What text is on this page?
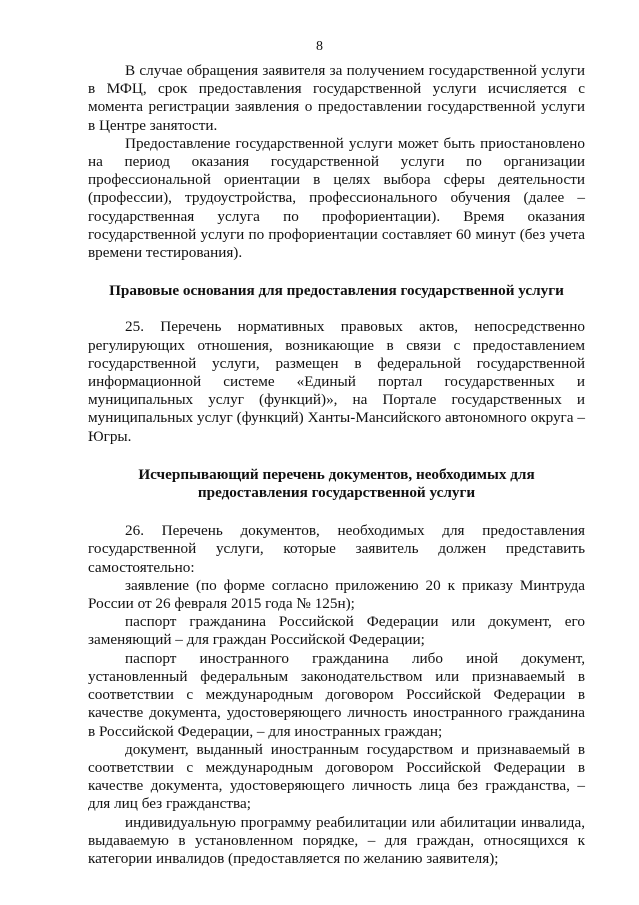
8

В случае обращения заявителя за получением государственной услуги в МФЦ, срок предоставления государственной услуги исчисляется с момента регистрации заявления о предоставлении государственной услуги в Центре занятости.

Предоставление государственной услуги может быть приостановлено на период оказания государственной услуги по организации профессиональной ориентации в целях выбора сферы деятельности (профессии), трудоустройства, профессионального обучения (далее – государственная услуга по профориентации). Время оказания государственной услуги по профориентации составляет 60 минут (без учета времени тестирования).

Правовые основания для предоставления государственной услуги

25. Перечень нормативных правовых актов, непосредственно регулирующих отношения, возникающие в связи с предоставлением государственной услуги, размещен в федеральной государственной информационной системе «Единый портал государственных и муниципальных услуг (функций)», на Портале государственных и муниципальных услуг (функций) Ханты-Мансийского автономного округа – Югры.

Исчерпывающий перечень документов, необходимых для
предоставления государственной услуги

26. Перечень документов, необходимых для предоставления государственной услуги, которые заявитель должен представить самостоятельно:

заявление (по форме согласно приложению 20 к приказу Минтруда России от 26 февраля 2015 года № 125н);

паспорт гражданина Российской Федерации или документ, его заменяющий – для граждан Российской Федерации;

паспорт иностранного гражданина либо иной документ, установленный федеральным законодательством или признаваемый в соответствии с международным договором Российской Федерации в качестве документа, удостоверяющего личность иностранного гражданина в Российской Федерации, – для иностранных граждан;

документ, выданный иностранным государством и признаваемый в соответствии с международным договором Российской Федерации в качестве документа, удостоверяющего личность лица без гражданства, – для лиц без гражданства;

индивидуальную программу реабилитации или абилитации инвалида, выдаваемую в установленном порядке, – для граждан, относящихся к категории инвалидов (предоставляется по желанию заявителя);
